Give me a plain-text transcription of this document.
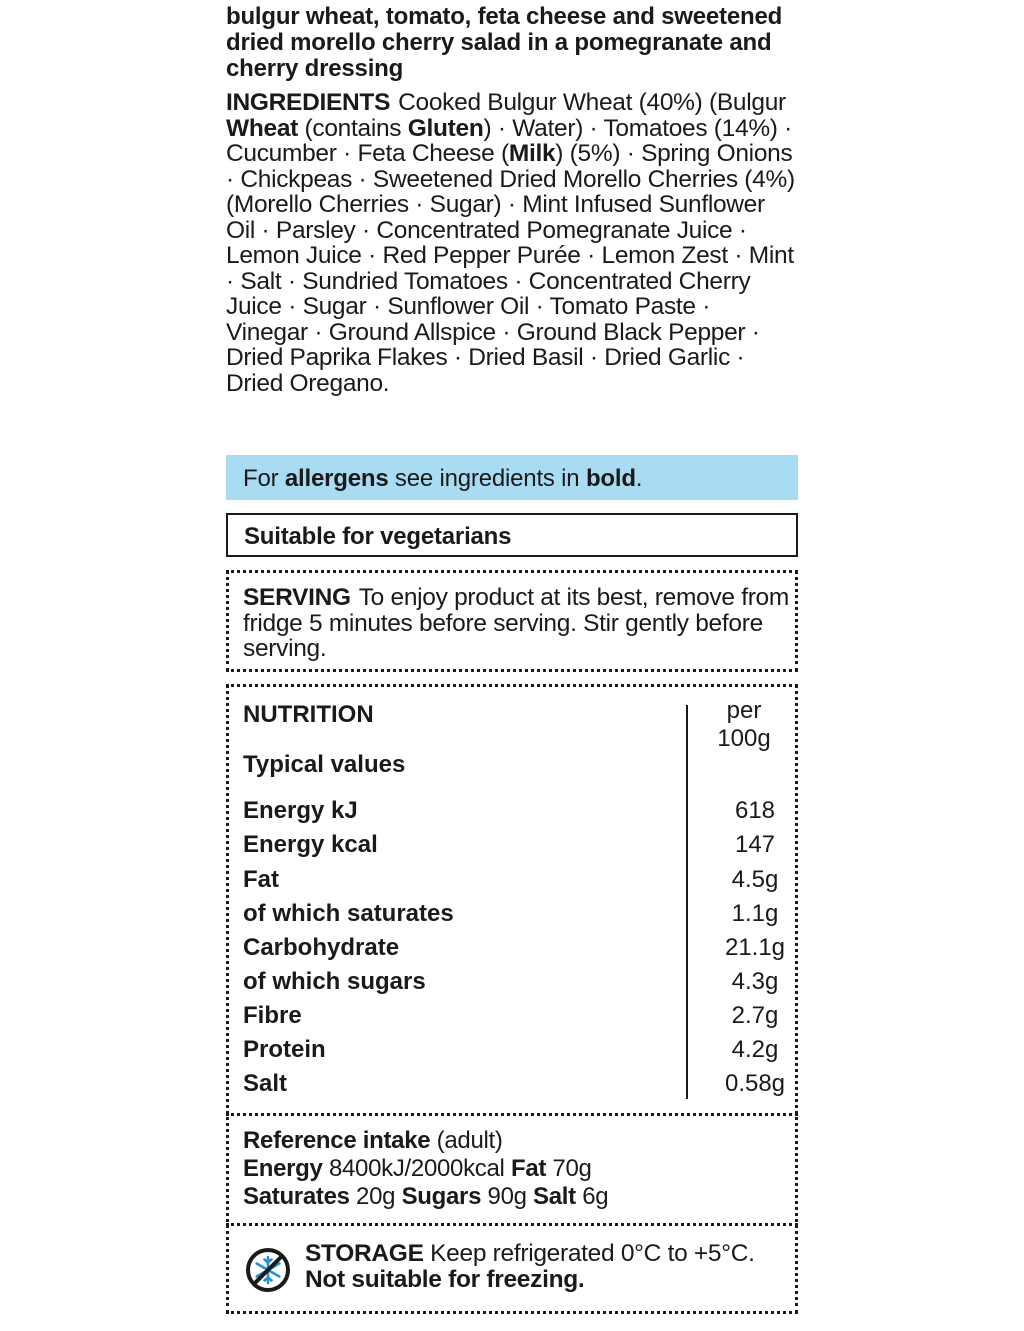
bulgur wheat, tomato, feta cheese and sweetened dried morello cherry salad in a pomegranate and cherry dressing
INGREDIENTS Cooked Bulgur Wheat (40%) (Bulgur Wheat (contains Gluten) · Water) · Tomatoes (14%) · Cucumber · Feta Cheese (Milk) (5%) · Spring Onions · Chickpeas · Sweetened Dried Morello Cherries (4%) (Morello Cherries · Sugar) · Mint Infused Sunflower Oil · Parsley · Concentrated Pomegranate Juice · Lemon Juice · Red Pepper Purée · Lemon Zest · Mint · Salt · Sundried Tomatoes · Concentrated Cherry Juice · Sugar · Sunflower Oil · Tomato Paste · Vinegar · Ground Allspice · Ground Black Pepper · Dried Paprika Flakes · Dried Basil · Dried Garlic · Dried Oregano.
For allergens see ingredients in bold.
Suitable for vegetarians
SERVING To enjoy product at its best, remove from fridge 5 minutes before serving. Stir gently before serving.
NUTRITION	per
100g
Typical values
Energy kJ	618
Energy kcal	147
Fat	4.5g
of which saturates	1.1g
Carbohydrate	21.1g
of which sugars	4.3g
Fibre	2.7g
Protein	4.2g
Salt	0.58g
Reference intake (adult)
Energy 8400kJ/2000kcal Fat 70g
Saturates 20g Sugars 90g Salt 6g
STORAGE Keep refrigerated 0°C to +5°C.
Not suitable for freezing.
